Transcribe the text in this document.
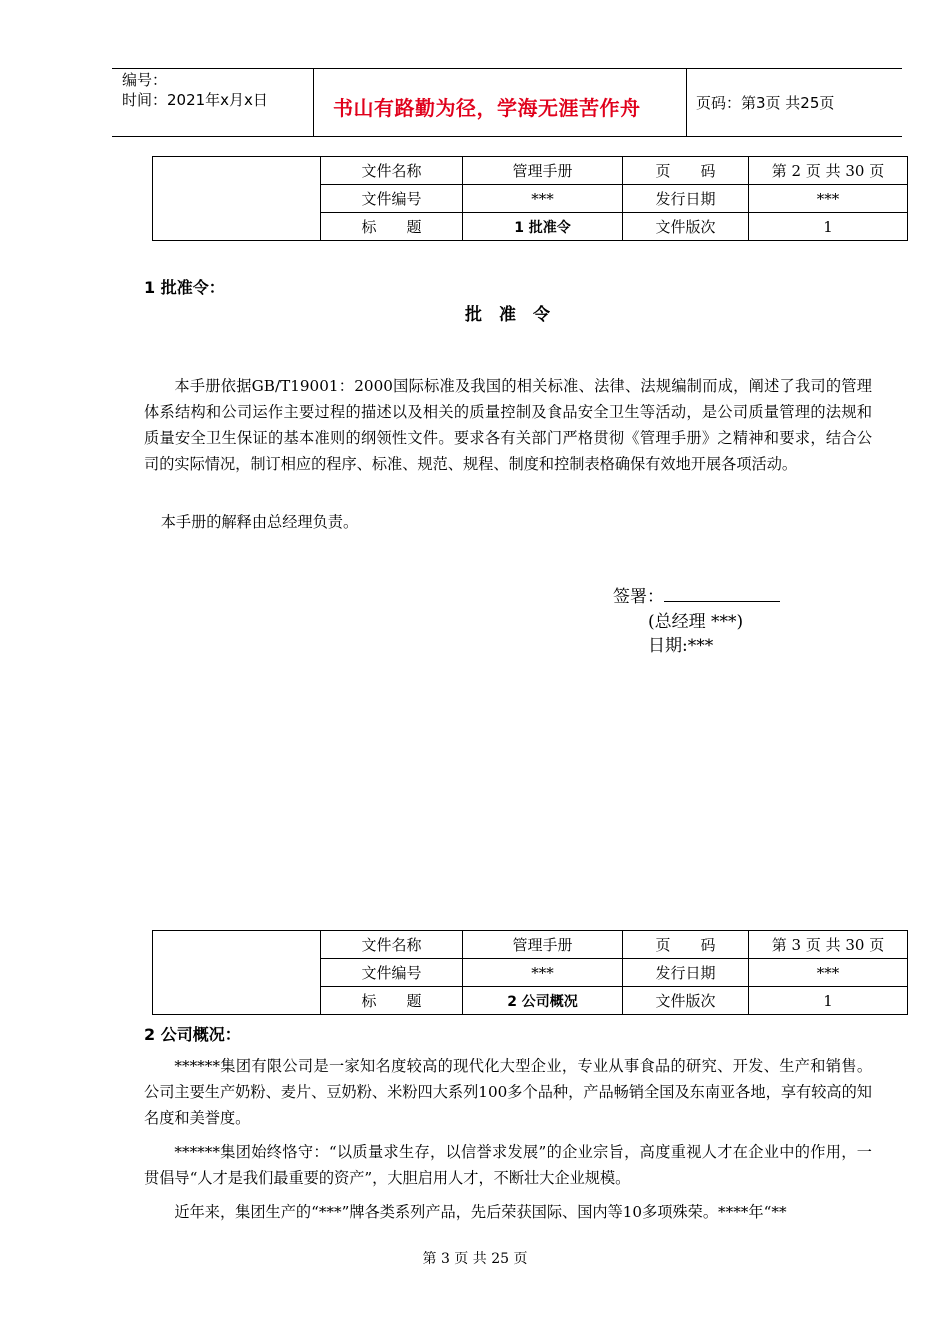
编号：
时间：2021年x月x日	书山有路勤为径，学海无涯苦作舟	页码：第3页 共25页
	文件名称	管理手册	页　　码	第 2 页 共 30 页
	文件编号	***	发行日期	***
	标　　题	1 批准令	文件版次	1
1 批准令：
批　准　令

本手册依据GB/T19001：2000国际标准及我国的相关标准、法律、法规编制而成，阐述了我司的管理体系结构和公司运作主要过程的描述以及相关的质量控制及食品安全卫生等活动，是公司质量管理的法规和质量安全卫生保证的基本准则的纲领性文件。要求各有关部门严格贯彻《管理手册》之精神和要求，结合公司的实际情况，制订相应的程序、标准、规范、规程、制度和控制表格确保有效地开展各项活动。

本手册的解释由总经理负责。

签署：
(总经理 ***)
日期:***
	文件名称	管理手册	页　　码	第 3 页 共 30 页
	文件编号	***	发行日期	***
	标　　题	2 公司概况	文件版次	1
2 公司概况：

******集团有限公司是一家知名度较高的现代化大型企业，专业从事食品的研究、开发、生产和销售。公司主要生产奶粉、麦片、豆奶粉、米粉四大系列100多个品种，产品畅销全国及东南亚各地，享有较高的知名度和美誉度。

******集团始终恪守：“以质量求生存，以信誉求发展”的企业宗旨，高度重视人才在企业中的作用，一贯倡导“人才是我们最重要的资产”，大胆启用人才，不断壮大企业规模。

近年来，集团生产的“***”牌各类系列产品，先后荣获国际、国内等10多项殊荣。****年“**

第 3 页 共 25 页
